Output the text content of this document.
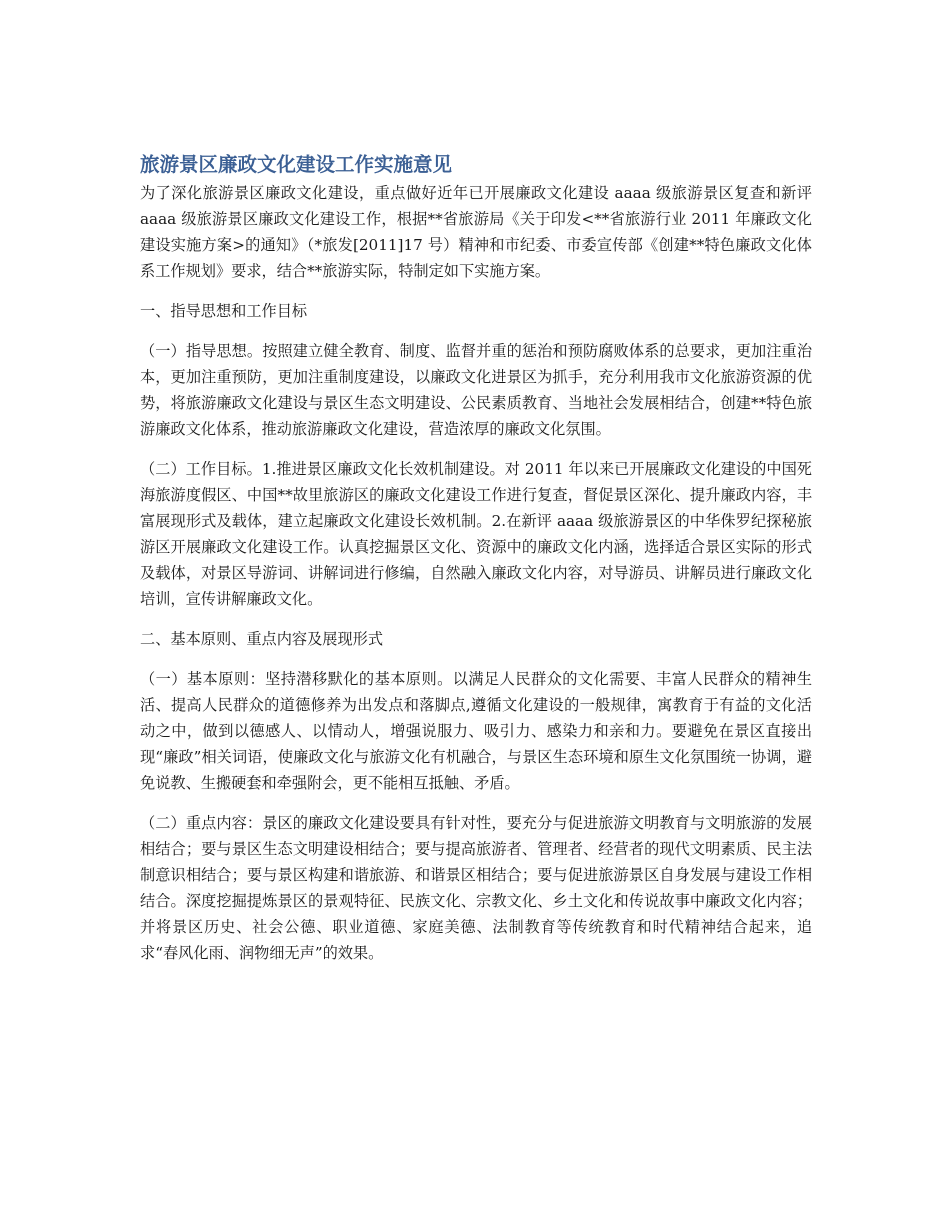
旅游景区廉政文化建设工作实施意见

为了深化旅游景区廉政文化建设，重点做好近年已开展廉政文化建设 aaaa 级旅游景区复查和新评 aaaa 级旅游景区廉政文化建设工作，根据**省旅游局《关于印发<**省旅游行业 2011 年廉政文化建设实施方案>的通知》（*旅发[2011]17 号）精神和市纪委、市委宣传部《创建**特色廉政文化体系工作规划》要求，结合**旅游实际，特制定如下实施方案。

一、指导思想和工作目标

（一）指导思想。按照建立健全教育、制度、监督并重的惩治和预防腐败体系的总要求，更加注重治本，更加注重预防，更加注重制度建设，以廉政文化进景区为抓手，充分利用我市文化旅游资源的优势，将旅游廉政文化建设与景区生态文明建设、公民素质教育、当地社会发展相结合，创建**特色旅游廉政文化体系，推动旅游廉政文化建设，营造浓厚的廉政文化氛围。

（二）工作目标。1.推进景区廉政文化长效机制建设。对 2011 年以来已开展廉政文化建设的中国死海旅游度假区、中国**故里旅游区的廉政文化建设工作进行复查，督促景区深化、提升廉政内容，丰富展现形式及载体，建立起廉政文化建设长效机制。2.在新评 aaaa 级旅游景区的中华侏罗纪探秘旅游区开展廉政文化建设工作。认真挖掘景区文化、资源中的廉政文化内涵，选择适合景区实际的形式及载体，对景区导游词、讲解词进行修编，自然融入廉政文化内容，对导游员、讲解员进行廉政文化培训，宣传讲解廉政文化。

二、基本原则、重点内容及展现形式

（一）基本原则：坚持潜移默化的基本原则。以满足人民群众的文化需要、丰富人民群众的精神生活、提高人民群众的道德修养为出发点和落脚点,遵循文化建设的一般规律，寓教育于有益的文化活动之中，做到以德感人、以情动人，增强说服力、吸引力、感染力和亲和力。要避免在景区直接出现“廉政”相关词语，使廉政文化与旅游文化有机融合，与景区生态环境和原生文化氛围统一协调，避免说教、生搬硬套和牵强附会，更不能相互抵触、矛盾。

（二）重点内容：景区的廉政文化建设要具有针对性，要充分与促进旅游文明教育与文明旅游的发展相结合；要与景区生态文明建设相结合；要与提高旅游者、管理者、经营者的现代文明素质、民主法制意识相结合；要与景区构建和谐旅游、和谐景区相结合；要与促进旅游景区自身发展与建设工作相结合。深度挖掘提炼景区的景观特征、民族文化、宗教文化、乡土文化和传说故事中廉政文化内容；并将景区历史、社会公德、职业道德、家庭美德、法制教育等传统教育和时代精神结合起来，追求“春风化雨、润物细无声”的效果。
